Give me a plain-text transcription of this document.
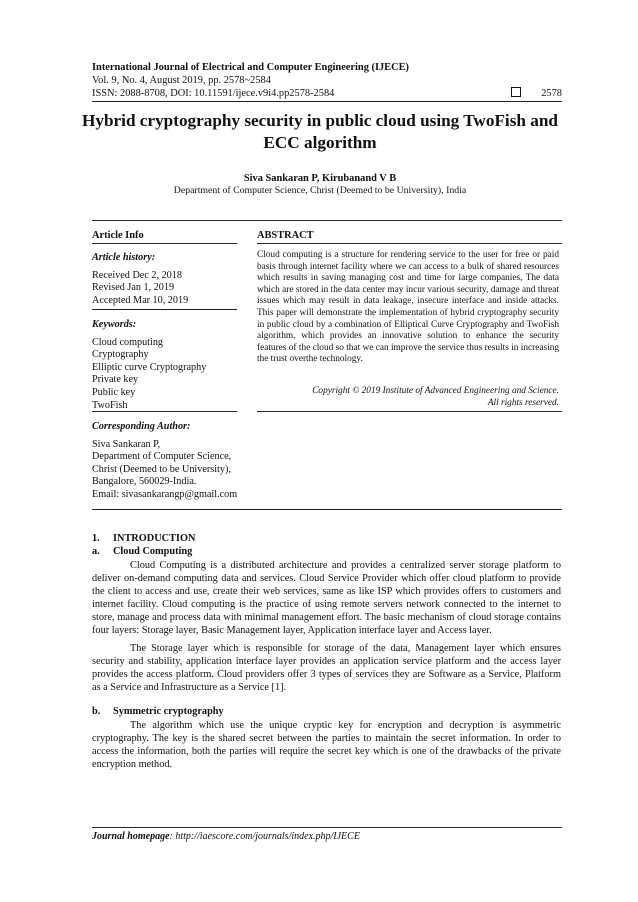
International Journal of Electrical and Computer Engineering (IJECE)
Vol. 9, No. 4, August 2019, pp. 2578~2584
ISSN: 2088-8708, DOI: 10.11591/ijece.v9i4.pp2578-2584	2578
Hybrid cryptography security in public cloud using TwoFish and ECC algorithm
Siva Sankaran P, Kirubanand V B
Department of Computer Science, Christ (Deemed to be University), India
Article Info	ABSTRACT
Article history:
Received Dec 2, 2018
Revised Jan 1, 2019
Accepted Mar 10, 2019
Keywords:
Cloud computing
Cryptography
Elliptic curve Cryptography
Private key
Public key
TwoFish
Corresponding Author:
Siva Sankaran P,
Department of Computer Science,
Christ (Deemed to be University),
Bangalore, 560029-India.
Email: sivasankarangp@gmail.com
Cloud computing is a structure for rendering service to the user for free or paid basis through internet facility where we can access to a bulk of shared resources which results in saving managing cost and time for large companies, The data which are stored in the data center may incur various security, damage and threat issues which may result in data leakage, insecure interface and inside attacks. This paper will demonstrate the implementation of hybrid cryptography security in public cloud by a combination of Elliptical Curve Cryptography and TwoFish algorithm, which provides an innovative solution to enhance the security features of the cloud so that we can improve the service thus results in increasing the trust overthe technology.
Copyright © 2019 Institute of Advanced Engineering and Science.
All rights reserved.
1. INTRODUCTION
a. Cloud Computing
Cloud Computing is a distributed architecture and provides a centralized server storage platform to deliver on-demand computing data and services. Cloud Service Provider which offer cloud platform to provide the client to access and use, create their web services, same as like ISP which provides offers to customers and internet facility. Cloud computing is the practice of using remote servers network connected to the internet to store, manage and process data with minimal management effort. The basic mechanism of cloud storage contains four layers: Storage layer, Basic Management layer, Application interface layer and Access layer.
The Storage layer which is responsible for storage of the data, Management layer which ensures security and stability, application interface layer provides an application service platform and the access layer provides the access platform. Cloud providers offer 3 types of services they are Software as a Service, Platform as a Service and Infrastructure as a Service [1].
b. Symmetric cryptography
The algorithm which use the unique cryptic key for encryption and decryption is asymmetric cryptography. The key is the shared secret between the parties to maintain the secret information. In order to access the information, both the parties will require the secret key which is one of the drawbacks of the private encryption method.
Journal homepage: http://iaescore.com/journals/index.php/IJECE
